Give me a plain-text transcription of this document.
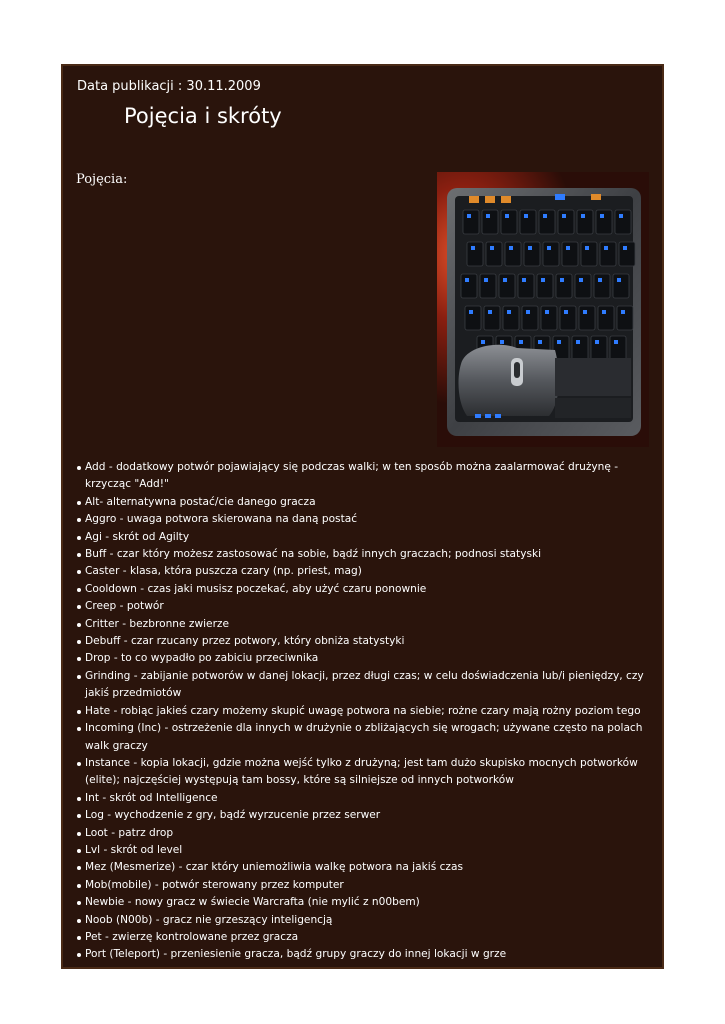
Data publikacji : 30.11.2009
Pojęcia i skróty
Pojęcia:
Add - dodatkowy potwór pojawiający się podczas walki; w ten sposób można zaalarmować drużynę - krzycząc "Add!"
Alt- alternatywna postać/cie danego gracza
Aggro - uwaga potwora skierowana na daną postać
Agi - skrót od Agilty
Buff - czar który możesz zastosować na sobie, bądź innych graczach; podnosi statyski
Caster - klasa, która puszcza czary (np. priest, mag)
Cooldown - czas jaki musisz poczekać, aby użyć czaru ponownie
Creep - potwór
Critter - bezbronne zwierze
Debuff - czar rzucany przez potwory, który obniża statystyki
Drop - to co wypadło po zabiciu przeciwnika
Grinding - zabijanie potworów w danej lokacji, przez długi czas; w celu doświadczenia lub/i pieniędzy, czy jakiś przedmiotów
Hate - robiąc jakieś czary możemy skupić uwagę potwora na siebie; rożne czary mają rożny poziom tego
Incoming (Inc) - ostrzeżenie dla innych w drużynie o zbliżających się wrogach; używane często na polach walk graczy
Instance - kopia lokacji, gdzie można wejść tylko z drużyną; jest tam dużo skupisko mocnych potworków (elite); najczęściej występują tam bossy, które są silniejsze od innych potworków
Int - skrót od Intelligence
Log - wychodzenie z gry, bądź wyrzucenie przez serwer
Loot - patrz drop
Lvl - skrót od level
Mez (Mesmerize) - czar który uniemożliwia walkę potwora na jakiś czas
Mob(mobile) - potwór sterowany przez komputer
Newbie - nowy gracz w świecie Warcrafta (nie mylić z n00bem)
Noob (N00b) - gracz nie grzeszący inteligencją
Pet - zwierzę kontrolowane przez gracza
Port (Teleport) - przeniesienie gracza, bądź grupy graczy do innej lokacji w grze
